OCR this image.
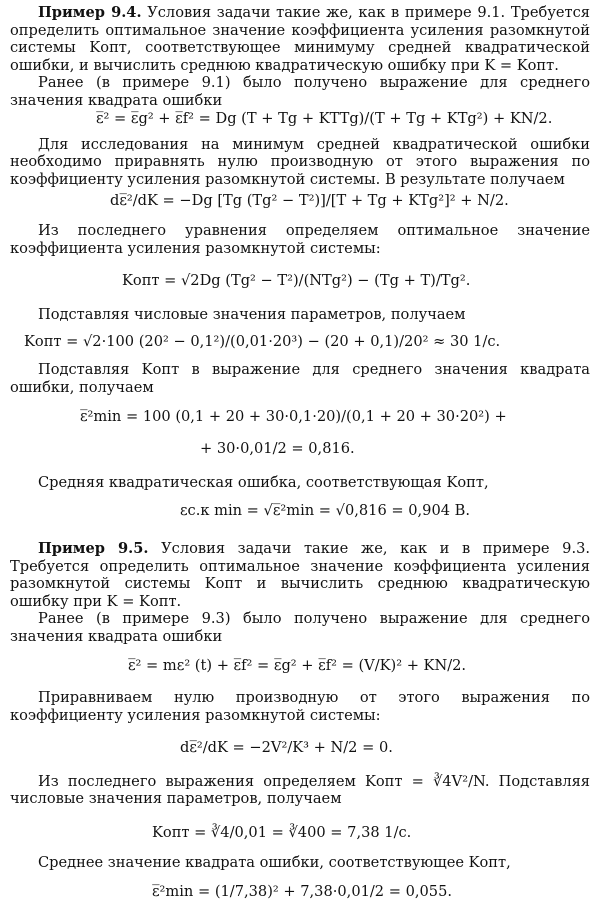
Пример 9.4. Условия задачи такие же, как в примере 9.1. Требуется определить оптимальное значение коэффициента усиления разомкнутой системы Kопт, соответствующее минимуму средней квадратической ошибки, и вычислить среднюю квадратическую ошибку при K = Kопт.

Ранее (в примере 9.1) было получено выражение для среднего значения квадрата ошибки

ε̅² = ε̅g² + ε̅f² = Dg (T + Tg + KTTg)/(T + Tg + KTg²) + KN/2.

Для исследования на минимум средней квадратической ошибки необходимо приравнять нулю производную от этого выражения по коэффициенту усиления разомкнутой системы. В результате получаем

dε̅²/dK = −Dg [Tg (Tg² − T²)]/[T + Tg + KTg²]² + N/2.

Из последнего уравнения определяем оптимальное значение коэффициента усиления разомкнутой системы:

Kопт = √2Dg (Tg² − T²)/(NTg²) − (Tg + T)/Tg².

Подставляя числовые значения параметров, получаем

Kопт = √2·100 (20² − 0,1²)/(0,01·20³) − (20 + 0,1)/20² ≈ 30 1/c.

Подставляя Kопт в выражение для среднего значения квадрата ошибки, получаем

ε̅²min = 100 (0,1 + 20 + 30·0,1·20)/(0,1 + 20 + 30·20²) +

+ 30·0,01/2 = 0,816.

Средняя квадратическая ошибка, соответствующая Kопт,

εс.к min = √ε̅²min = √0,816 = 0,904 В.

Пример 9.5. Условия задачи такие же, как и в примере 9.3. Требуется определить оптимальное значение коэффициента усиления разомкнутой системы Kопт и вычислить среднюю квадратическую ошибку при K = Kопт.

Ранее (в примере 9.3) было получено выражение для среднего значения квадрата ошибки

ε̅² = mε² (t) + ε̅f² = ε̅g² + ε̅f² = (V/K)² + KN/2.

Приравниваем нулю производную от этого выражения по коэффициенту усиления разомкнутой системы:

dε̅²/dK = −2V²/K³ + N/2 = 0.

Из последнего выражения определяем Kопт = ∛4V²/N. Подставляя числовые значения параметров, получаем

Kопт = ∛4/0,01 = ∛400 = 7,38 1/c.

Среднее значение квадрата ошибки, соответствующее Kопт,

ε̅²min = (1/7,38)² + 7,38·0,01/2 = 0,055.
